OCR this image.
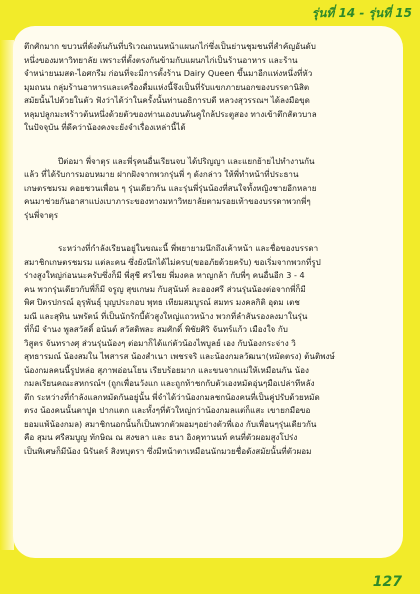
รุ่นที่ 14 - รุ่นที่ 15
ตึกศักมาก ขบวนที่ดังต้นกันที่บริเวณถนนหน้าแผนกไก่ซึ่งเป็นย่านชุมชนที่สำคัญอันดับ
หนึ่งของมหาวิทยาลัย เพราะที่ตั้งตรงกันข้ามกับแผนกไก่เป็นร้านอาหาร และร้าน
จำหน่ายนมสด-ไอศกรีม ก่อนที่จะมีการตั้งร้าน Dairy Queen ขึ้นมาอีกแห่งหนึ่งที่หัว
มุมถนน กลุ่มร้านอาหารและเครื่องดื่มแห่งนี้จึงเป็นที่รับแขกภายนอกของบรรดานิสิต
สมัยนั้นไปด้วยในตัว ฟังว่าได้ว่าในครั้งนั้นท่านอธิการบดี หลวงสุวรรณฯ ได้ลงมือขุด
หลุมปลูกมะพร้าวต้นหนึ่งด้วยตัวของท่านเองบนต้นคูใกล้ประตูสอง ทางเข้าตึกสัตวบาล
ในปัจจุบัน ที่ดีคว่าน้องคงจะยังจำเรื่องเหล่านี้ได้
ปีต่อมา พี่จาตุร และพี่รุคนอื่นเรียนจบ ได้ปริญญา และแยกย้ายไปทำงานกัน
แล้ว ที่ได้รับการมอบหมาย ฝากฝังจากพวกรุ่นพี่ ๆ ดังกล่าว ให้พี่ทำหน้าที่ประธาน
เกษตรชมรม คอยชวนเพื่อน ๆ รุ่นเดียวกัน และรุ่นพี่รุ่นน้องที่สนใจทั้งหญิงชายอีกหลาย
คนมาช่วยกันอาสาแบ่งเบาภาระของทางมหาวิทยาลัยตามรอยเท้าของบรรดาพวกพี่ๆ
รุ่นพี่จาตุร
ระหว่างที่กำลังเรียนอยู่ในขณะนี้ พี่พยายามนึกถึงเค้าหน้า และชื่อของบรรดา
สมาชิกเกษตรชมรม แต่ละคน ซึ่งยังนึกได้ไม่ครบ(ขออภัยด้วยครับ) ขอเริ่มจากพวกที่รูป
ร่างสูงใหญ่ก่อนนะครับซึ่งก็มี พี่สุชี ศรไชย พี่มงคล หาญกล้า กับพี่ๆ คนอื่นอีก 3 - 4
คน พวกรุ่นเดียวกับพี่ก็มี จรูญ สุขเกษม กับสุนันท์ ละอองศรี ส่วนรุ่นน้องต่อจากพี่ก็มี
พิศ ปิตรปกรณ์ อุรุพันธุ์ บุญประกอบ พุทธ เทียมสมบูรณ์ สมทร มงคลกิติ อุดม เตช
มณี และสุทิน นพรัตน์ ที่เป็นนักรักบี้ตัวสูงใหญ่แถวหน้าง พวกที่ลำสันรองลงมาในรุ่น
ที่ก็มี จำนง พูลสวัสดิ์ อนันต์ สวัสดิพละ สมศักดิ์ พิชัยศิริ จันทร์แก้ว เมืองใจ กับ
วิสูตร จันทรางศุ ส่วนรุ่นน้องๆ ต่อมาก็ได้แก่ตัวน้องไพบูลย์ เอง กับน้องกระจ่าง วิ
สุทธารมณ์ น้องสมใน ไพสารส น้องสำเนา เพชรจริ และน้องกมลวัฒนา(หมัดตรง) ต้นติพงษ์
น้องกมลคนนี้รูปหล่อ สุภาพอ่อนโยน เรียบร้อยมาก และขนจากแม่ให้เหมือนกัน น้อง
กมลเรียนคณะสหกรณ์ฯ (ถูกเพื่อนวังแก และถูกท้าชกกับตัวเองหมัดอุ่นๆมือเปล่าทีหลัง
ตึก ระหว่างที่กำลังแลกหมัดกันอยู่นั้น พี่จำได้ว่าน้องกมลชกน้องคนที่เป็นคู่ปรับด้วยหมัด
ตรง น้องคนนั้นตาปูด ปากแตก และทั้งๆที่ตัวใหญ่กว่าน้องกมลแต่ก็แสะ เขายกมือขอ
ยอมแพ้น้องกมล) สมาชิกนอกนั้นก็เป็นพวกตัวผอมๆอย่างตัวพี่เอง กับเพื่อนๆรุ่นเดียวกัน
คือ สุมน ศรีสมบูญ ทักษิณ ณ สงขลา และ ธนา อิงคุทานนท์ คนที่ตัวผอมสูงโปร่ง
เป็นพิเศษก็มีน้อง นิรันดร์ สิงหบุตรา ซึ่งมีหน้าตาเหมือนนักมวยชื่อดังสมัยนั้นที่ตัวผอม
127
